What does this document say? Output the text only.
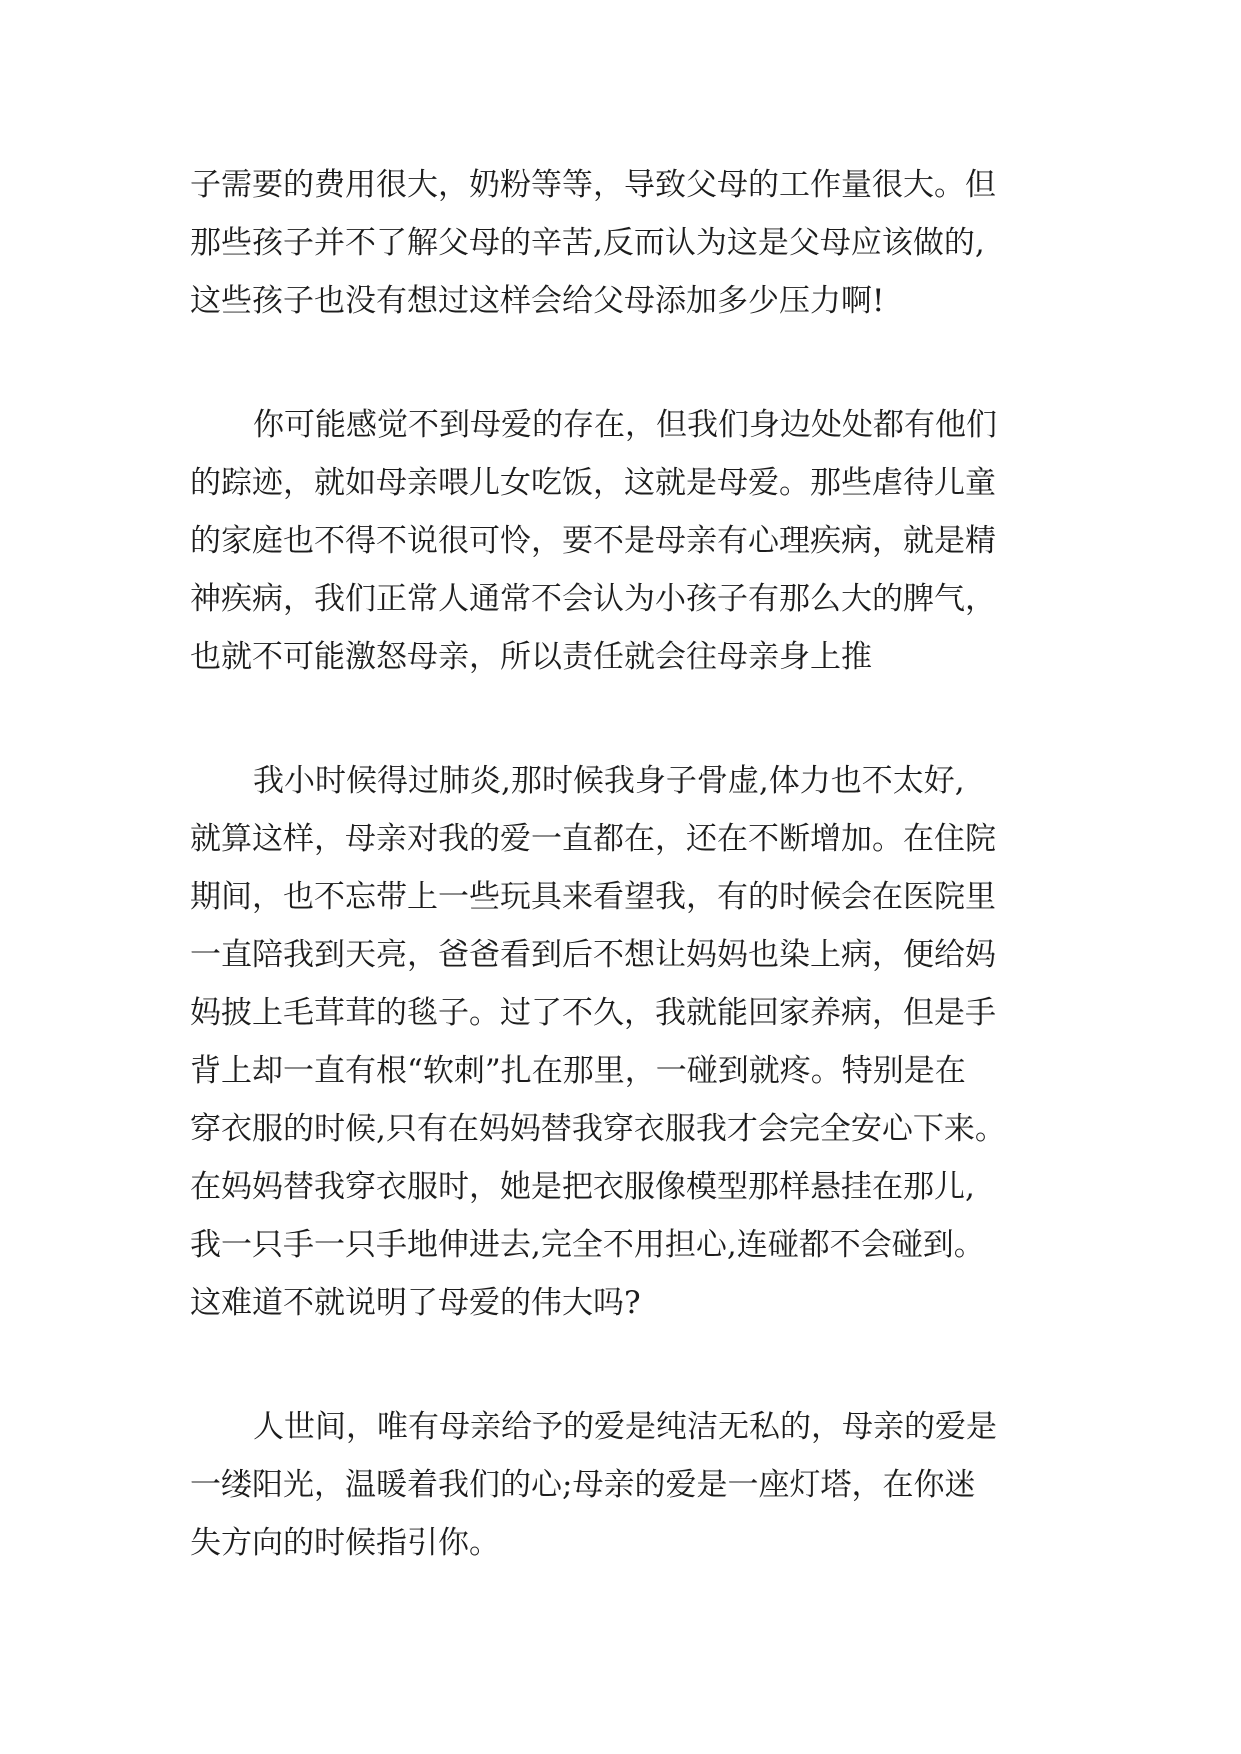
子需要的费用很大，奶粉等等，导致父母的工作量很大。但
那些孩子并不了解父母的辛苦,反而认为这是父母应该做的,
这些孩子也没有想过这样会给父母添加多少压力啊!
你可能感觉不到母爱的存在，但我们身边处处都有他们
的踪迹，就如母亲喂儿女吃饭，这就是母爱。那些虐待儿童
的家庭也不得不说很可怜，要不是母亲有心理疾病，就是精
神疾病，我们正常人通常不会认为小孩子有那么大的脾气，
也就不可能激怒母亲，所以责任就会往母亲身上推
我小时候得过肺炎,那时候我身子骨虚,体力也不太好,
就算这样，母亲对我的爱一直都在，还在不断增加。在住院
期间，也不忘带上一些玩具来看望我，有的时候会在医院里
一直陪我到天亮，爸爸看到后不想让妈妈也染上病，便给妈
妈披上毛茸茸的毯子。过了不久，我就能回家养病，但是手
背上却一直有根“软刺”扎在那里，一碰到就疼。特别是在
穿衣服的时候,只有在妈妈替我穿衣服我才会完全安心下来。
在妈妈替我穿衣服时，她是把衣服像模型那样悬挂在那儿,
我一只手一只手地伸进去,完全不用担心,连碰都不会碰到。
这难道不就说明了母爱的伟大吗?
人世间，唯有母亲给予的爱是纯洁无私的，母亲的爱是
一缕阳光，温暖着我们的心;母亲的爱是一座灯塔，在你迷
失方向的时候指引你。
